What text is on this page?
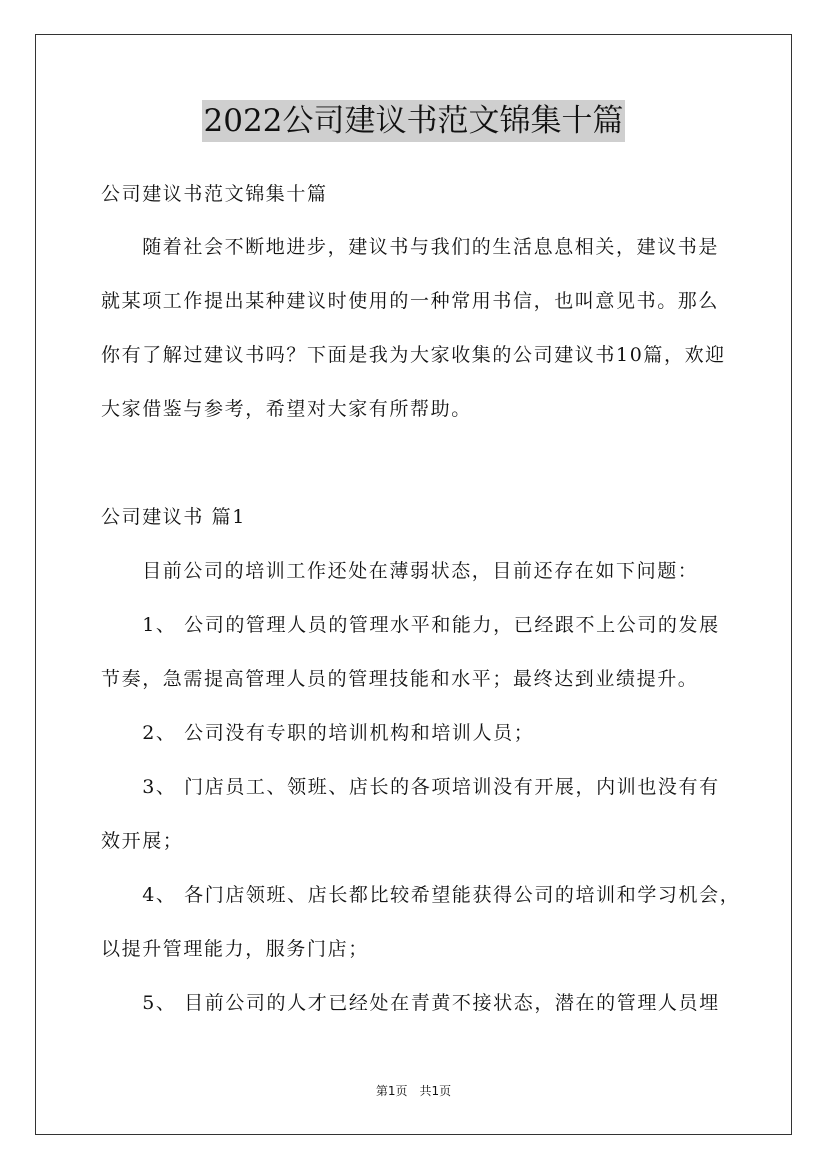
2022公司建议书范文锦集十篇
公司建议书范文锦集十篇
　　随着社会不断地进步，建议书与我们的生活息息相关，建议书是
就某项工作提出某种建议时使用的一种常用书信，也叫意见书。那么
你有了解过建议书吗？下面是我为大家收集的公司建议书10篇，欢迎
大家借鉴与参考，希望对大家有所帮助。
公司建议书 篇1
　　目前公司的培训工作还处在薄弱状态，目前还存在如下问题：
　　1、 公司的管理人员的管理水平和能力，已经跟不上公司的发展
节奏，急需提高管理人员的管理技能和水平；最终达到业绩提升。
　　2、 公司没有专职的培训机构和培训人员；
　　3、 门店员工、领班、店长的各项培训没有开展，内训也没有有
效开展；
　　4、 各门店领班、店长都比较希望能获得公司的培训和学习机会，
以提升管理能力，服务门店；
　　5、 目前公司的人才已经处在青黄不接状态，潜在的管理人员埋
第1页　共1页
